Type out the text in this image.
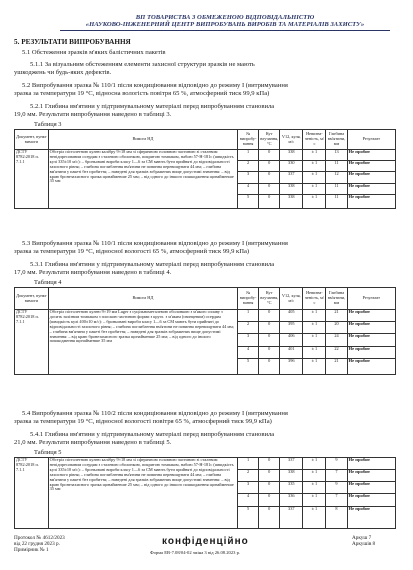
ВП ТОВАРИСТВА З ОБМЕЖЕНОЮ ВІДПОВІДАЛЬНІСТЮ
«НАУКОВО-ІНЖЕНЕРНИЙ ЦЕНТР ВИПРОБУВАНЬ ВИРОБІВ ТА МАТЕРІАЛІВ ЗАХИСТУ»
5. РЕЗУЛЬТАТИ ВИПРОБУВАННЯ
5.1 Обстеження зразків м'яких балістичних пакетів
5.1.1 За візуальним обстеженням елементи захисної структури зразків не мають
ушкоджень чи будь-яких дефектів.
5.2 Випробування зразка № 110/1 після кондиціювання відповідно до режиму І (витримування
зразка за температури 19 °С, відносна вологість повітря 65 %, атмосферний тиск 99,9 кПа)
5.2.1 Глибина вм'ятини у підтримувальному матеріалі перед випробуванням становила
19,0 мм. Результати випробування наведено в таблиці 3.
Таблиця 3
Документ, пункт вимоги	Вимога НД	№ випробу-вання	Кут влучання, °С	V12, куля, м/с	Невизна-ченість, м/с	Глибина вм'ятини, мм	Результат
ДСТУ 8782:2018 п. 7.1.1	Обстріл пістолетною кулею калібру 9×18 мм зі сферичною головною частиною зі сталевим непідпресованим осердям з сталевою оболонкою, покритою томпаком, набою 57-Н-181с (швидкість кулі 335±10 м/с): – броньовані вироби класу 1—6 за СМ мають бути прийняті до відповідальності захисного рівня; – глибина поглиблення вм'ятини не повинна перевищувати 44 мм; – глибина вм'ятини у пакеті без пробиття; – наведені для зразків зображених вище допустимі значення: – від краю бронезахисного зразка щонайменше 25 мм; – від одного до іншого пошкодження щонайменше 35 мм	1	0	338	± 1	13	Не пробит
		2	0	330	± 1	11	Не пробит
		3	0	337	± 1	12	Не пробит
		4	0	338	± 1	11	Не пробит
		5	0	338	± 1	11	Не пробит
5.3 Випробування зразка № 110/1 після кондиціювання відповідно до режиму І (витримування
зразка за температури 19 °С, відносної вологості 65 %, атмосферний тиск 99,9 кПа)
5.3.1 Глибина вм'ятини у підтримувальному матеріалі перед випробуванням становила
17,0 мм. Результати випробування наведено в таблиці 4.
Таблиця 4
Документ, пункт вимоги	Вимога НД	№ випробу-вання	Кут влучання, °С	V12, куля, м/с	Невизна-ченість, м/с	Глибина вм'ятини, мм	Результат
ДСТУ 8782:2018 п. 7.1.1	Обстріл пістолетною кулею 9×19 мм Luger з суцільнометалевою оболонкою з м'якого сплаву з досить залізним томпаком з плоскою частиною форми з кругл. з м'яким (свинцевим) осердям (швидкість кулі 400±10 м/с): – броньовані вироби класу 1—6 за СМ мають бути прийняті до відповідальності захисного рівня; – глибина поглиблення вм'ятини не повинна перевищувати 44 мм; – глибина вм'ятини у пакеті без пробиття; – наведені для зразків зображених вище допустимі значення: – від краю бронезахисного зразка щонайменше 25 мм; – від одного до іншого пошкодження щонайменше 35 мм	1	0	405	± 1	21	Не пробит
		2	0	395	± 1	20	Не пробит
		3	0	406	± 1	24	Не пробит
		4	0	401	± 1	22	Не пробит
		5	0	396	± 1	21	Не пробит
5.4 Випробування зразка № 110/2 після кондиціювання відповідно до режиму І (витримування
зразка за температури 19 °С, відносної вологості повітря 65 %, атмосферний тиск 99,9 кПа)
5.4.1 Глибина вм'ятини у підтримувальному матеріалі перед випробуванням становила
21,0 мм. Результати випробування наведено в таблиці 5.
Таблиця 5
ДСТУ 8782:2018 п. 7.1.1	Обстріл пістолетною кулею калібру 9×18 мм зі сферичною головною частиною зі сталевим непідпресованим осердям з сталевою оболонкою, покритою томпаком, набою 57-Н-181с (швидкість кулі 335±10 м/с): – броньовані вироби класу 1—6 за СМ мають бути прийняті до відповідальності захисного рівня; – глибина поглиблення вм'ятини не повинна перевищувати 44 мм; – глибина вм'ятини у пакеті без пробиття; – наведені для зразків зображених вище допустимі значення: – від краю бронезахисного зразка щонайменше 25 мм; – від одного до іншого пошкодження щонайменше 35 мм	1	0	337	± 1	9	Не пробит
		2	0	338	± 1	7	Не пробит
		3	0	335	± 1	9	Не пробит
		4	0	336	± 1	7	Не пробит
		5	0	337	± 1	8	Не пробит
Протокол № 4612/2023
від 22 грудня 2023 р.
Примірник № 1
конфіденційно
Форма ЕВ-7.08/04-02 зміна 3 від 26.08.2023 р.
Аркуш 7
Аркушів 8
